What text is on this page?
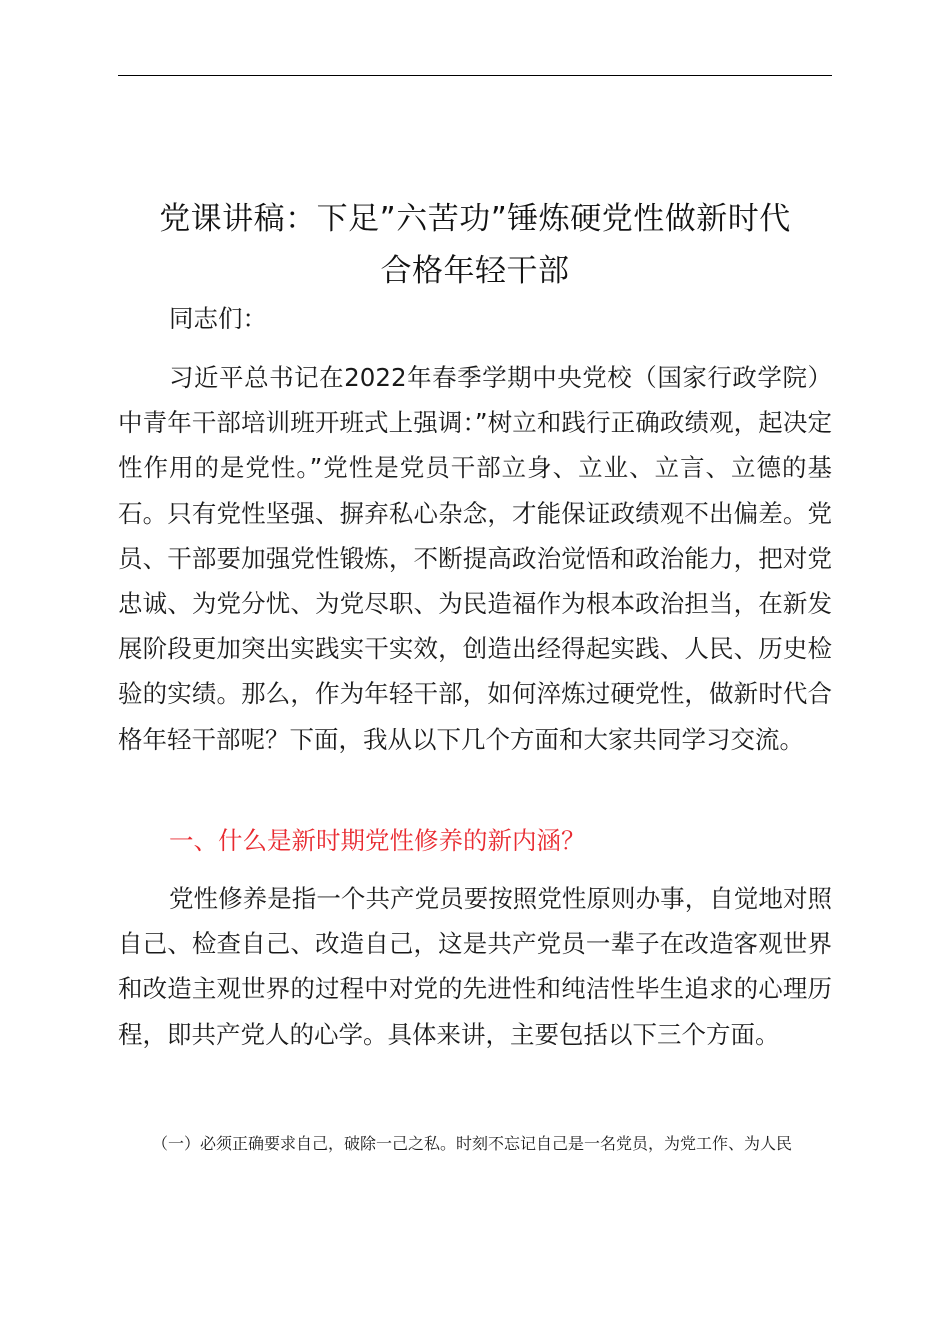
党课讲稿：下足”六苦功”锤炼硬党性做新时代
合格年轻干部

同志们：

习近平总书记在2022年春季学期中央党校（国家行政学院）中青年干部培训班开班式上强调：”树立和践行正确政绩观，起决定性作用的是党性。”党性是党员干部立身、立业、立言、立德的基石。只有党性坚强、摒弃私心杂念，才能保证政绩观不出偏差。党员、干部要加强党性锻炼，不断提高政治觉悟和政治能力，把对党忠诚、为党分忧、为党尽职、为民造福作为根本政治担当，在新发展阶段更加突出实践实干实效，创造出经得起实践、人民、历史检验的实绩。那么，作为年轻干部，如何淬炼过硬党性，做新时代合格年轻干部呢？下面，我从以下几个方面和大家共同学习交流。

一、什么是新时期党性修养的新内涵？

党性修养是指一个共产党员要按照党性原则办事，自觉地对照自己、检查自己、改造自己，这是共产党员一辈子在改造客观世界和改造主观世界的过程中对党的先进性和纯洁性毕生追求的心理历程，即共产党人的心学。具体来讲，主要包括以下三个方面。

（一）必须正确要求自己，破除一己之私。时刻不忘记自己是一名党员，为党工作、为人民
